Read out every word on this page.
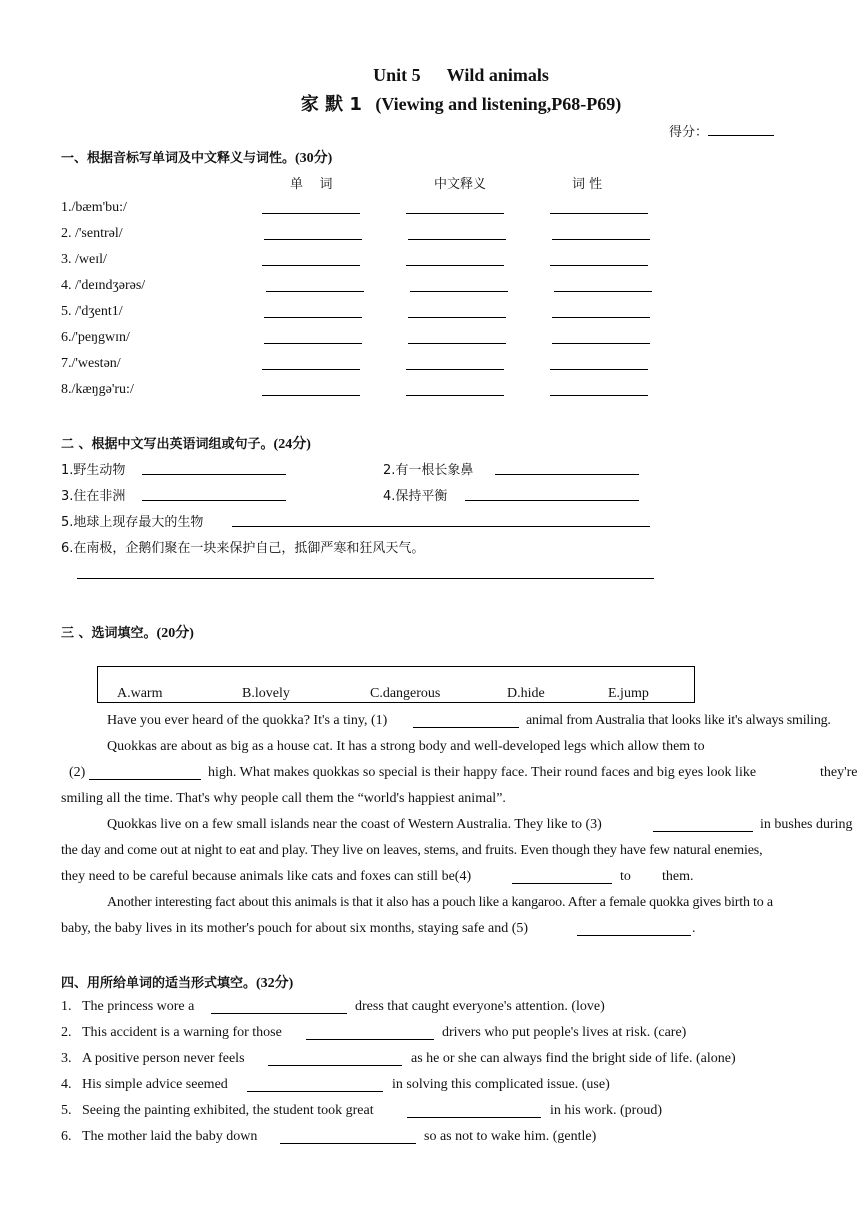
Unit 5 Wild animals
家 默 1 (Viewing and listening,P68-P69)
得分：
一、根据音标写单词及中文释义与词性。(30分)
单    词	中文释义	词 性
1./bæm'bu:/
2. /'sentrəl/
3. /weɪl/
4. /'deɪndʒərəs/
5. /'dʒent1/
6./'peŋgwɪn/
7./'westən/
8./kæŋgə'ru:/
二 、根据中文写出英语词组或句子。(24分)
1.野生动物	2.有一根长象鼻
3.住在非洲	4.保持平衡
5.地球上现存最大的生物
6.在南极，企鹅们聚在一块来保护自己，抵御严寒和狂风天气。
三 、选词填空。(20分)
A.warm	B.lovely	C.dangerous	D.hide	E.jump
Have you ever heard of the quokka? It's a tiny, (1)	animal from Australia that looks like it's always smiling.
Quokkas are about as big as a house cat. It has a strong body and well-developed legs which allow them to
(2)	high. What makes quokkas so special is their happy face. Their round faces and big eyes look like	they're
smiling all the time. That's why people call them the “world's happiest animal”.
Quokkas live on a few small islands near the coast of Western Australia. They like to (3)	in bushes during
the day and come out at night to eat and play. They live on leaves, stems, and fruits. Even though they have few natural enemies,
they need to be careful because animals like cats and foxes can still be(4)	to them.
Another interesting fact about this animals is that it also has a pouch like a kangaroo. After a female quokka gives birth to a
baby, the baby lives in its mother's pouch for about six months, staying safe and (5)	.
四、用所给单词的适当形式填空。(32分)
1. The princess wore a	dress that caught everyone's attention. (love)
2. This accident is a warning for those	drivers who put people's lives at risk. (care)
3. A positive person never feels	as he or she can always find the bright side of life. (alone)
4. His simple advice seemed	in solving this complicated issue. (use)
5. Seeing the painting exhibited, the student took great	in his work. (proud)
6. The mother laid the baby down	so as not to wake him. (gentle)
